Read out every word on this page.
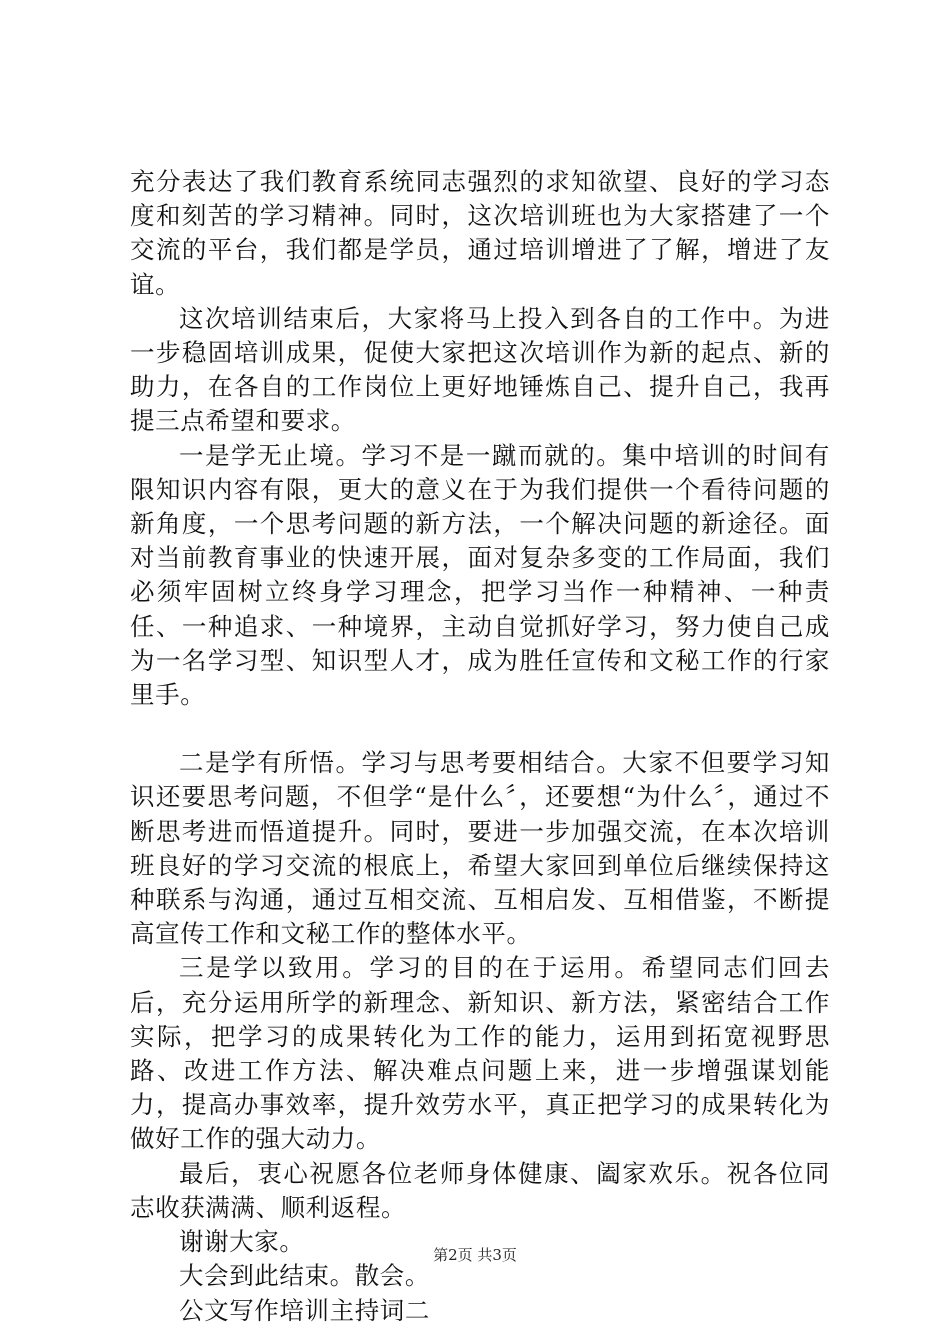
充分表达了我们教育系统同志强烈的求知欲望、良好的学习态度和刻苦的学习精神。同时，这次培训班也为大家搭建了一个交流的平台，我们都是学员，通过培训增进了了解，增进了友谊。

这次培训结束后，大家将马上投入到各自的工作中。为进一步稳固培训成果，促使大家把这次培训作为新的起点、新的助力，在各自的工作岗位上更好地锤炼自己、提升自己，我再提三点希望和要求。

一是学无止境。学习不是一蹴而就的。集中培训的时间有限知识内容有限，更大的意义在于为我们提供一个看待问题的新角度，一个思考问题的新方法，一个解决问题的新途径。面对当前教育事业的快速开展，面对复杂多变的工作局面，我们必须牢固树立终身学习理念，把学习当作一种精神、一种责任、一种追求、一种境界，主动自觉抓好学习，努力使自己成为一名学习型、知识型人才，成为胜任宣传和文秘工作的行家里手。

二是学有所悟。学习与思考要相结合。大家不但要学习知识还要思考问题，不但学“是什么〞，还要想“为什么〞，通过不断思考进而悟道提升。同时，要进一步加强交流，在本次培训班良好的学习交流的根底上，希望大家回到单位后继续保持这种联系与沟通，通过互相交流、互相启发、互相借鉴，不断提高宣传工作和文秘工作的整体水平。

三是学以致用。学习的目的在于运用。希望同志们回去后，充分运用所学的新理念、新知识、新方法，紧密结合工作实际，把学习的成果转化为工作的能力，运用到拓宽视野思路、改进工作方法、解决难点问题上来，进一步增强谋划能力，提高办事效率，提升效劳水平，真正把学习的成果转化为做好工作的强大动力。

最后，衷心祝愿各位老师身体健康、阖家欢乐。祝各位同志收获满满、顺利返程。

谢谢大家。

大会到此结束。散会。

公文写作培训主持词二

第2页 共3页
